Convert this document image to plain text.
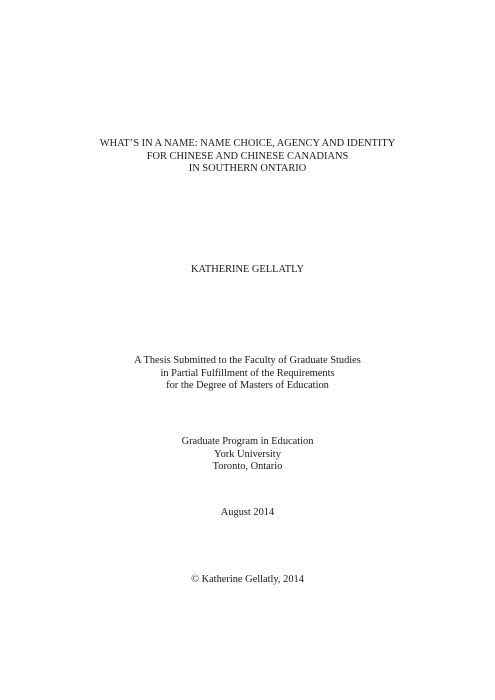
WHAT’S IN A NAME: NAME CHOICE, AGENCY AND IDENTITY
FOR CHINESE AND CHINESE CANADIANS
IN SOUTHERN ONTARIO
KATHERINE GELLATLY
A Thesis Submitted to the Faculty of Graduate Studies
in Partial Fulfillment of the Requirements
for the Degree of Masters of Education
Graduate Program in Education
York University
Toronto, Ontario
August 2014
© Katherine Gellatly, 2014
